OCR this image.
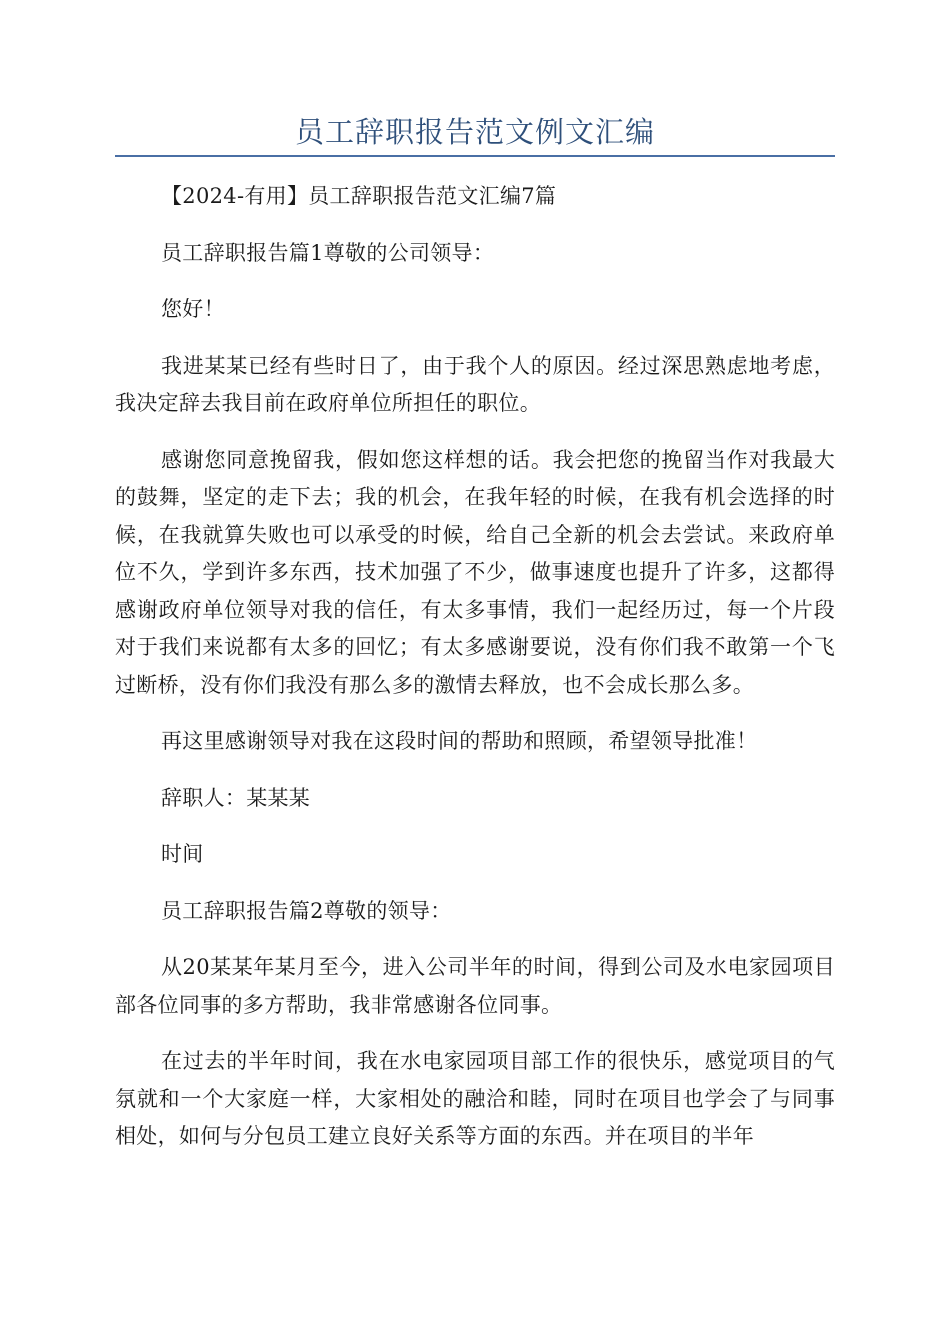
员工辞职报告范文例文汇编

【2024-有用】员工辞职报告范文汇编7篇

员工辞职报告篇1尊敬的公司领导：

您好！

我进某某已经有些时日了，由于我个人的原因。经过深思熟虑地考虑，我决定辞去我目前在政府单位所担任的职位。

感谢您同意挽留我，假如您这样想的话。我会把您的挽留当作对我最大的鼓舞，坚定的走下去；我的机会，在我年轻的时候，在我有机会选择的时候，在我就算失败也可以承受的时候，给自己全新的机会去尝试。来政府单位不久，学到许多东西，技术加强了不少，做事速度也提升了许多，这都得感谢政府单位领导对我的信任，有太多事情，我们一起经历过，每一个片段对于我们来说都有太多的回忆；有太多感谢要说，没有你们我不敢第一个飞过断桥，没有你们我没有那么多的激情去释放，也不会成长那么多。

再这里感谢领导对我在这段时间的帮助和照顾，希望领导批准！

辞职人：某某某

时间

员工辞职报告篇2尊敬的领导：

从20某某年某月至今，进入公司半年的时间，得到公司及水电家园项目部各位同事的多方帮助，我非常感谢各位同事。

在过去的半年时间，我在水电家园项目部工作的很快乐，感觉项目的气氛就和一个大家庭一样，大家相处的融洽和睦，同时在项目也学会了与同事相处，如何与分包员工建立良好关系等方面的东西。并在项目的半年
